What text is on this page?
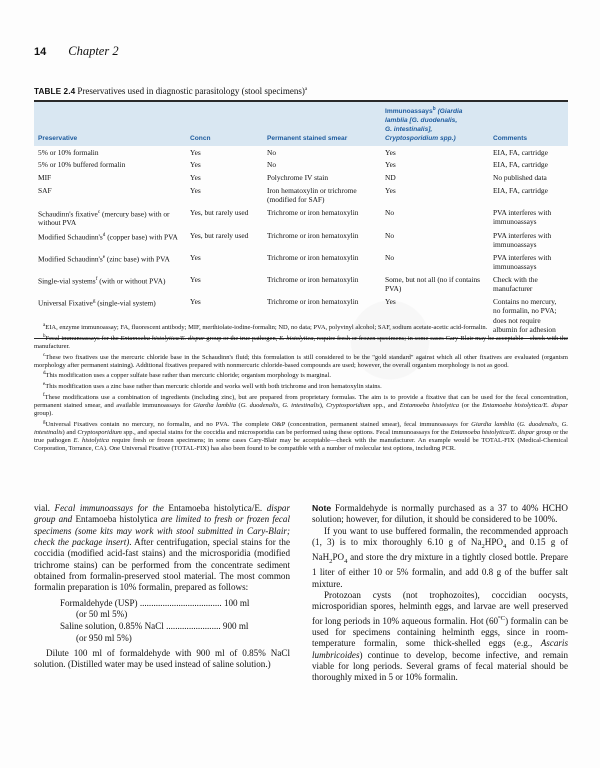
14 Chapter 2
TABLE 2.4 Preservatives used in diagnostic parasitology (stool specimens)$^a$
Preservative	Concn	Permanent stained smear	Immunoassays$^b$ (Giardia
lamblia [G. duodenalis,
G. intestinalis],
Cryptosporidium spp.)	Comments
5% or 10% formalin	Yes	No	Yes	EIA, FA, cartridge
5% or 10% buffered formalin	Yes	No	Yes	EIA, FA, cartridge
MIF	Yes	Polychrome IV stain	ND	No published data
SAF	Yes	Iron hematoxylin or trichrome (modified for SAF)	Yes	EIA, FA, cartridge
Schaudinn's fixative$^c$ (mercury base) with or without PVA	Yes, but rarely used	Trichrome or iron hematoxylin	No	PVA interferes with immunoassays
Modified $Schaudinn's^d$ (copper base) with PVA	Yes, but rarely used	Trichrome or iron hematoxylin	No	PVA interferes with immunoassays
Modified $Schaudinn's^e$ (zinc base) with PVA	Yes	Trichrome or iron hematoxylin	No	PVA interferes with immunoassays
Single-vial systems$^f$ (with or without PVA)	Yes	Trichrome or iron hematoxylin	Some, but not all (no if contains PVA)	Check with the manufacturer
Universal Fixative$^g$ (single-vial system)	Yes	Trichrome or iron hematoxylin	Yes	Contains no mercury, no formalin, no PVA; does not require albumin for adhesion

$^a$EIA, enzyme immunoassay; FA, fluorescent antibody; MIF, merthiolate-iodine-formalin; ND, no data; PVA, polyvinyl alcohol; SAF, sodium acetate-acetic acid-formalin.

$^b$Fecal immunoassays for the Entamoeba histolytica/E. dispar group or the true pathogen, E. histolytica, require fresh or frozen specimens; in some cases Cary-Blair may be acceptable—check with the manufacturer.

$^c$These two fixatives use the mercuric chloride base in the Schaudinn's fluid; this formulation is still considered to be the "gold standard" against which all other fixatives are evaluated (organism morphology after permanent staining). Additional fixatives prepared with nonmercuric chloride-based compounds are used; however, the overall organism morphology is not as good.

$^d$This modification uses a copper sulfate base rather than mercuric chloride; organism morphology is marginal.

$^e$This modification uses a zinc base rather than mercuric chloride and works well with both trichrome and iron hematoxylin stains.

$^f$These modifications use a combination of ingredients (including zinc), but are prepared from proprietary formulas. The aim is to provide a fixative that can be used for the fecal concentration, permanent stained smear, and available immunoassays for Giardia lamblia (G. duodenalis, G. intestinalis), Cryptosporidium spp., and Entamoeba histolytica (or the Entamoeba histolytica/E. dispar group).

$^g$Universal Fixatives contain no mercury, no formalin, and no PVA. The complete O&P (concentration, permanent stained smear), fecal immunoassays for Giardia lamblia (G. duodenalis, G. intestinalis) and Cryptosporidium spp., and special stains for the coccidia and microsporidia can be performed using these options. Fecal immunoassays for the Entamoeba histolytica/E. dispar group or the true pathogen E. histolytica require fresh or frozen specimens; in some cases Cary-Blair may be acceptable—check with the manufacturer. An example would be TOTAL-FIX (Medical-Chemical Corporation, Torrance, CA). One Universal Fixative (TOTAL-FIX) has also been found to be compatible with a number of molecular test options, including PCR.

vial. Fecal immunoassays for the Entamoeba histolytica/E. dispar group and Entamoeba histolytica are limited to fresh or frozen fecal specimens (some kits may work with stool submitted in Cary-Blair; check the package insert). After centrifugation, special stains for the coccidia (modified acid-fast stains) and the microsporidia (modified trichrome stains) can be performed from the concentrate sediment obtained from formalin-preserved stool material. The most common formalin preparation is 10% formalin, prepared as follows:

Formaldehyde (USP) .................................... 100 ml
(or 50 ml 5%)
Saline solution, 0.85% NaCl ........................ 900 ml
(or 950 ml 5%)

Dilute 100 ml of formaldehyde with 900 ml of 0.85% NaCl solution. (Distilled water may be used instead of saline solution.)

Note Formaldehyde is normally purchased as a 37 to 40% HCHO solution; however, for dilution, it should be considered to be 100%.

If you want to use buffered formalin, the recommended approach (1, 3) is to mix thoroughly 6.10 g of $Na_2HPO_4$ and 0.15 g of $NaH_2PO_4$ and store the dry mixture in a tightly closed bottle. Prepare 1 liter of either 10 or 5% formalin, and add 0.8 g of the buffer salt mixture.

Protozoan cysts (not trophozoites), coccidian oocysts, microsporidian spores, helminth eggs, and larvae are well preserved for long periods in 10% aqueous formalin. Hot $(60^{^\circ C})$ formalin can be used for specimens containing helminth eggs, since in room-temperature formalin, some thick-shelled eggs (e.g., Ascaris lumbricoides) continue to develop, become infective, and remain viable for long periods. Several grams of fecal material should be thoroughly mixed in 5 or 10% formalin.
